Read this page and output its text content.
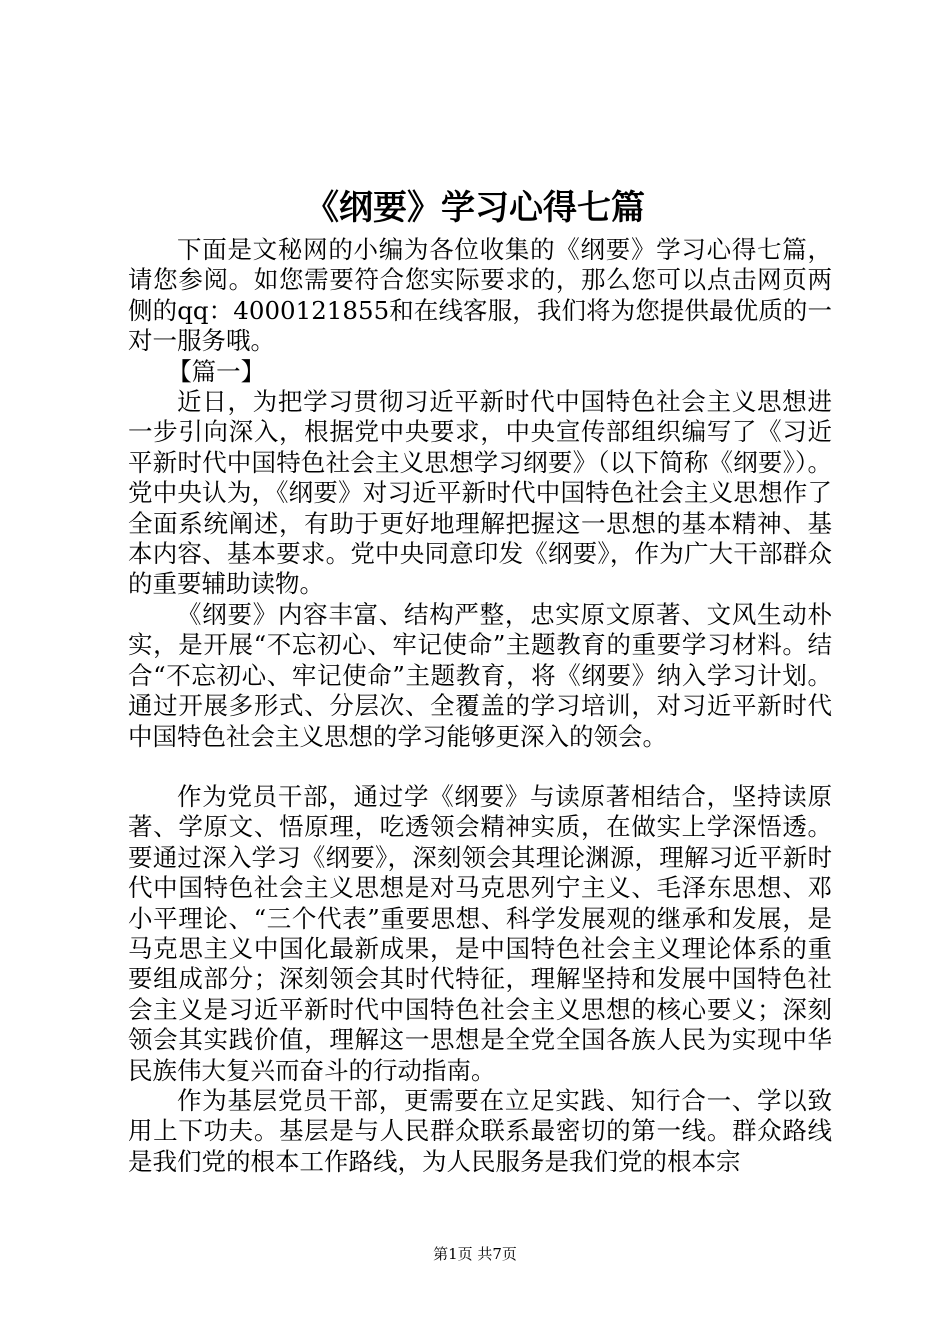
《纲要》学习心得七篇

下面是文秘网的小编为各位收集的《纲要》学习心得七篇，请您参阅。如您需要符合您实际要求的，那么您可以点击网页两侧的qq：4000121855和在线客服，我们将为您提供最优质的一对一服务哦。

【篇一】

近日，为把学习贯彻习近平新时代中国特色社会主义思想进一步引向深入，根据党中央要求，中央宣传部组织编写了《习近平新时代中国特色社会主义思想学习纲要》（以下简称《纲要》）。党中央认为，《纲要》对习近平新时代中国特色社会主义思想作了全面系统阐述，有助于更好地理解把握这一思想的基本精神、基本内容、基本要求。党中央同意印发《纲要》，作为广大干部群众的重要辅助读物。

《纲要》内容丰富、结构严整，忠实原文原著、文风生动朴实，是开展“不忘初心、牢记使命”主题教育的重要学习材料。结合“不忘初心、牢记使命”主题教育，将《纲要》纳入学习计划。通过开展多形式、分层次、全覆盖的学习培训，对习近平新时代中国特色社会主义思想的学习能够更深入的领会。

作为党员干部，通过学《纲要》与读原著相结合，坚持读原著、学原文、悟原理，吃透领会精神实质，在做实上学深悟透。要通过深入学习《纲要》，深刻领会其理论渊源，理解习近平新时代中国特色社会主义思想是对马克思列宁主义、毛泽东思想、邓小平理论、“三个代表”重要思想、科学发展观的继承和发展，是马克思主义中国化最新成果，是中国特色社会主义理论体系的重要组成部分；深刻领会其时代特征，理解坚持和发展中国特色社会主义是习近平新时代中国特色社会主义思想的核心要义；深刻领会其实践价值，理解这一思想是全党全国各族人民为实现中华民族伟大复兴而奋斗的行动指南。

作为基层党员干部，更需要在立足实践、知行合一、学以致用上下功夫。基层是与人民群众联系最密切的第一线。群众路线是我们党的根本工作路线，为人民服务是我们党的根本宗

第1页 共7页
